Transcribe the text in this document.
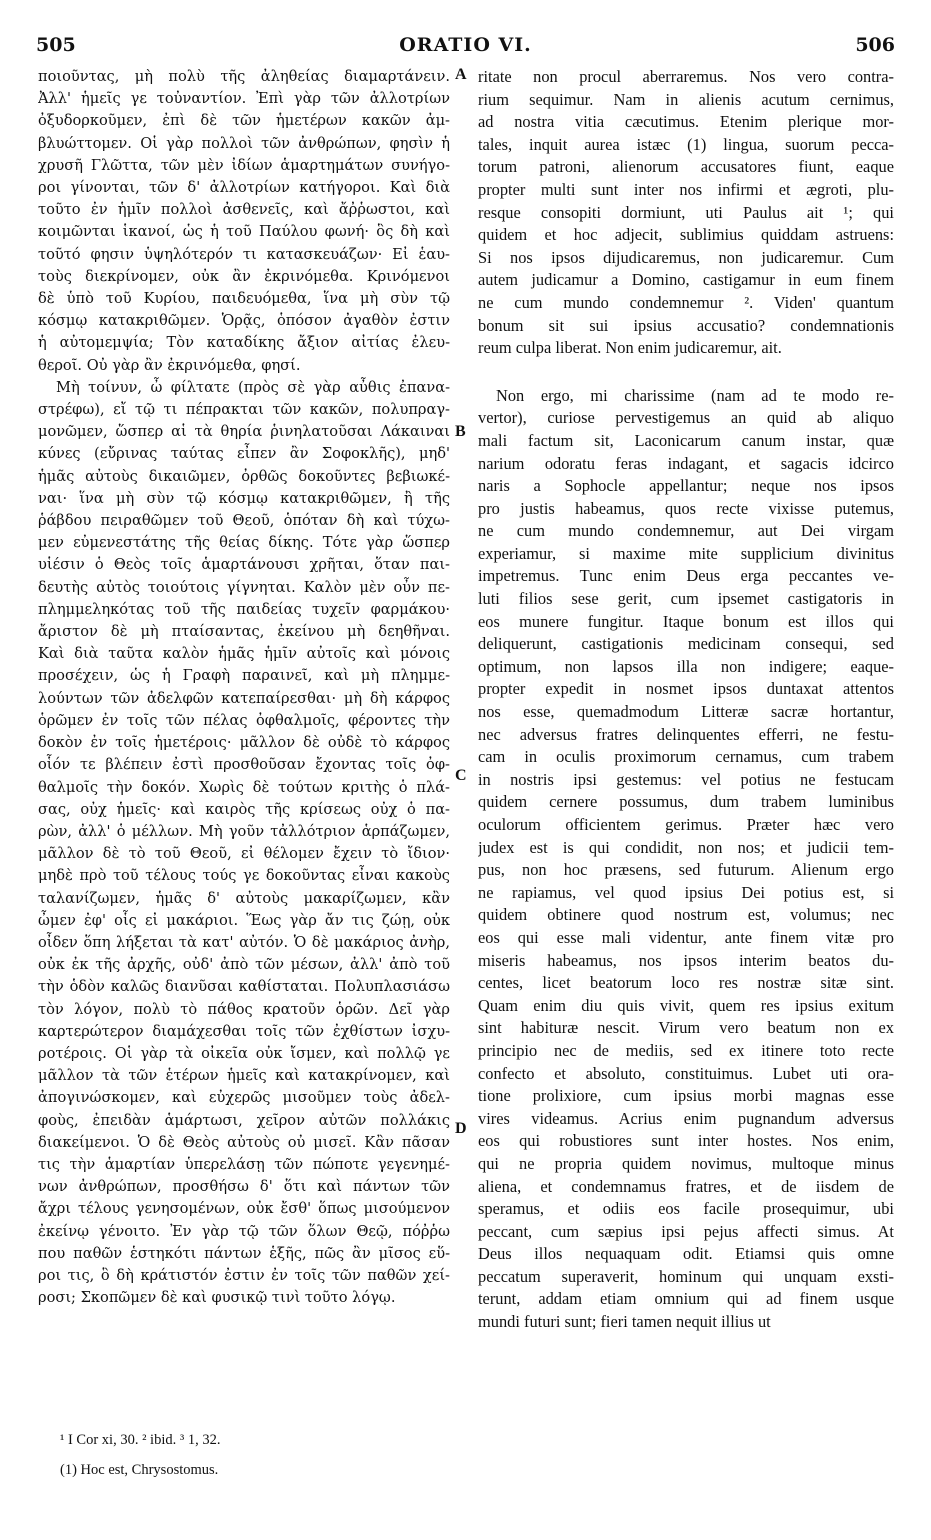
505	ORATIO VI.	506
ποιοῦντας, μὴ πολὺ τῆς ἀληθείας διαμαρτάνειν.
Ἀλλ' ἡμεῖς γε τοὐναντίον. Ἐπὶ γὰρ τῶν ἀλλοτρίων
ὀξυδορκοῦμεν, ἐπὶ δὲ τῶν ἡμετέρων κακῶν ἀμ-
βλυώττομεν. Οἱ γὰρ πολλοὶ τῶν ἀνθρώπων, φησὶν ἡ
χρυσῆ Γλῶττα, τῶν μὲν ἰδίων ἁμαρτημάτων συνήγο-
ροι γίνονται, τῶν δ' ἀλλοτρίων κατήγοροι. Καὶ διὰ
τοῦτο ἐν ἡμῖν πολλοὶ ἀσθενεῖς, καὶ ἄῤῥωστοι, καὶ
κοιμῶνται ἱκανοί, ὡς ἡ τοῦ Παύλου φωνή· ὃς δὴ καὶ
τοῦτό φησιν ὑψηλότερόν τι κατασκευάζων· Εἰ ἑαυ-
τοὺς διεκρίνομεν, οὐκ ἂν ἐκρινόμεθα. Κρινόμενοι
δὲ ὑπὸ τοῦ Κυρίου, παιδευόμεθα, ἵνα μὴ σὺν τῷ
κόσμῳ κατακριθῶμεν. Ὁρᾷς, ὁπόσον ἀγαθὸν ἐστιν
ἡ αὐτομεμψία; Τὸν καταδίκης ἄξιον αἰτίας ἐλευ-
θεροῖ. Οὐ γὰρ ἂν ἐκρινόμεθα, φησί.
Μὴ τοίνυν, ὦ φίλτατε (πρὸς σὲ γὰρ αὖθις ἐπανα-
στρέφω), εἴ τῷ τι πέπρακται τῶν κακῶν, πολυπραγ-
μονῶμεν, ὥσπερ αἱ τὰ θηρία ῥινηλατοῦσαι Λάκαιναι
κύνες (εὔρινας ταύτας εἶπεν ἂν Σοφοκλῆς), μηδ'
ἡμᾶς αὐτοὺς δικαιῶμεν, ὀρθῶς δοκοῦντες βεβιωκέ-
ναι· ἵνα μὴ σὺν τῷ κόσμῳ κατακριθῶμεν, ἢ τῆς
ῥάβδου πειραθῶμεν τοῦ Θεοῦ, ὁπόταν δὴ καὶ τύχω-
μεν εὐμενεστάτης τῆς θείας δίκης. Τότε γὰρ ὥσπερ
υἱέσιν ὁ Θεὸς τοῖς ἁμαρτάνουσι χρῆται, ὅταν παι-
δευτὴς αὐτὸς τοιούτοις γίγνηται. Καλὸν μὲν οὖν πε-
πλημμεληκότας τοῦ τῆς παιδείας τυχεῖν φαρμάκου·
ἄριστον δὲ μὴ πταίσαντας, ἐκείνου μὴ δεηθῆναι.
Καὶ διὰ ταῦτα καλὸν ἡμᾶς ἡμῖν αὐτοῖς καὶ μόνοις
προσέχειν, ὡς ἡ Γραφὴ παραινεῖ, καὶ μὴ πλημμε-
λούντων τῶν ἀδελφῶν κατεπαίρεσθαι· μὴ δὴ κάρφος
ὁρῶμεν ἐν τοῖς τῶν πέλας ὀφθαλμοῖς, φέροντες τὴν
δοκὸν ἐν τοῖς ἡμετέροις· μᾶλλον δὲ οὐδὲ τὸ κάρφος
οἷόν τε βλέπειν ἐστὶ προσθοῦσαν ἔχοντας τοῖς ὀφ-
θαλμοῖς τὴν δοκόν. Χωρὶς δὲ τούτων κριτὴς ὁ πλά-
σας, οὐχ ἡμεῖς· καὶ καιρὸς τῆς κρίσεως οὐχ ὁ πα-
ρὼν, ἀλλ' ὁ μέλλων. Μὴ γοῦν τἀλλότριον ἁρπάζωμεν,
μᾶλλον δὲ τὸ τοῦ Θεοῦ, εἰ θέλομεν ἔχειν τὸ ἴδιον·
μηδὲ πρὸ τοῦ τέλους τούς γε δοκοῦντας εἶναι κακοὺς
ταλανίζωμεν, ἡμᾶς δ' αὐτοὺς μακαρίζωμεν, κἂν
ὦμεν ἐφ' οἷς εἰ μακάριοι. Ἕως γὰρ ἄν τις ζώῃ, οὐκ
οἶδεν ὅπη λήξεται τὰ κατ' αὐτόν. Ὁ δὲ μακάριος ἀνὴρ,
οὐκ ἐκ τῆς ἀρχῆς, οὐδ' ἀπὸ τῶν μέσων, ἀλλ' ἀπὸ τοῦ
τὴν ὁδὸν καλῶς διανῦσαι καθίσταται. Πολυπλασιάσω
τὸν λόγον, πολὺ τὸ πάθος κρατοῦν ὁρῶν. Δεῖ γὰρ
καρτερώτερον διαμάχεσθαι τοῖς τῶν ἐχθίστων ἰσχυ-
ροτέροις. Οἱ γὰρ τὰ οἰκεῖα οὐκ ἴσμεν, καὶ πολλῷ γε
μᾶλλον τὰ τῶν ἑτέρων ἡμεῖς καὶ κατακρίνομεν, καὶ
ἀπογινώσκομεν, καὶ εὐχερῶς μισοῦμεν τοὺς ἀδελ-
φοὺς, ἐπειδὰν ἁμάρτωσι, χεῖρον αὐτῶν πολλάκις
διακείμενοι. Ὁ δὲ Θεὸς αὐτοὺς οὐ μισεῖ. Κἂν πᾶσαν
τις τὴν ἁμαρτίαν ὑπερελάσῃ τῶν πώποτε γεγενημέ-
νων ἀνθρώπων, προσθήσω δ' ὅτι καὶ πάντων τῶν
ἄχρι τέλους γενησομένων, οὐκ ἔσθ' ὅπως μισούμενον
ἐκείνῳ γένοιτο. Ἐν γὰρ τῷ τῶν ὅλων Θεῷ, πόῤῥω
που παθῶν ἑστηκότι πάντων ἑξῆς, πῶς ἂν μῖσος εὕ-
ροι τις, ὃ δὴ κράτιστόν ἐστιν ἐν τοῖς τῶν παθῶν χεί-
ροσι; Σκοπῶμεν δὲ καὶ φυσικῷ τινὶ τοῦτο λόγῳ.
ritate non procul aberraremus. Nos vero contra-
rium sequimur. Nam in alienis acutum cernimus,
ad nostra vitia cæcutimus. Etenim plerique mor-
tales, inquit aurea istæc (1) lingua, suorum pecca-
torum patroni, alienorum accusatores fiunt, eaque
propter multi sunt inter nos infirmi et ægroti, plu-
resque consopiti dormiunt, uti Paulus ait ¹; qui
quidem et hoc adjecit, sublimius quiddam astruens:
Si nos ipsos dijudicaremus, non judicaremur. Cum
autem judicamur a Domino, castigamur in eum finem
ne cum mundo condemnemur ². Viden' quantum
bonum sit sui ipsius accusatio? condemnationis
reum culpa liberat. Non enim judicaremur, ait.
Non ergo, mi charissime (nam ad te modo re-
vertor), curiose pervestigemus an quid ab aliquo
mali factum sit, Laconicarum canum instar, quæ
narium odoratu feras indagant, et sagacis idcirco
naris a Sophocle appellantur; neque nos ipsos
pro justis habeamus, quos recte vixisse putemus,
ne cum mundo condemnemur, aut Dei virgam
experiamur, si maxime mite supplicium divinitus
impetremus. Tunc enim Deus erga peccantes ve-
luti filios sese gerit, cum ipsemet castigatoris in
eos munere fungitur. Itaque bonum est illos qui
deliquerunt, castigationis medicinam consequi, sed
optimum, non lapsos illa non indigere; eaque-
propter expedit in nosmet ipsos duntaxat attentos
nos esse, quemadmodum Litteræ sacræ hortantur,
nec adversus fratres delinquentes efferri, ne festu-
cam in oculis proximorum cernamus, cum trabem
in nostris ipsi gestemus: vel potius ne festucam
quidem cernere possumus, dum trabem luminibus
oculorum officientem gerimus. Præter hæc vero
judex est is qui condidit, non nos; et judicii tem-
pus, non hoc præsens, sed futurum. Alienum ergo
ne rapiamus, vel quod ipsius Dei potius est, si
quidem obtinere quod nostrum est, volumus; nec
eos qui esse mali videntur, ante finem vitæ pro
miseris habeamus, nos ipsos interim beatos du-
centes, licet beatorum loco res nostræ sitæ sint.
Quam enim diu quis vivit, quem res ipsius exitum
sint habituræ nescit. Virum vero beatum non ex
principio nec de mediis, sed ex itinere toto recte
confecto et absoluto, constituimus. Lubet uti ora-
tione prolixiore, cum ipsius morbi magnas esse
vires videamus. Acrius enim pugnandum adversus
eos qui robustiores sunt inter hostes. Nos enim,
qui ne propria quidem novimus, multoque minus
aliena, et condemnamus fratres, et de iisdem de
speramus, et odiis eos facile prosequimur, ubi
peccant, cum sæpius ipsi pejus affecti simus. At
Deus illos nequaquam odit. Etiamsi quis omne
peccatum superaverit, hominum qui unquam exsti-
terunt, addam etiam omnium qui ad finem usque
mundi futuri sunt; fieri tamen nequit illius ut
A
B
C
D
¹ I Cor xi, 30. ² ibid. ³ 1, 32.
(1) Hoc est, Chrysostomus.
